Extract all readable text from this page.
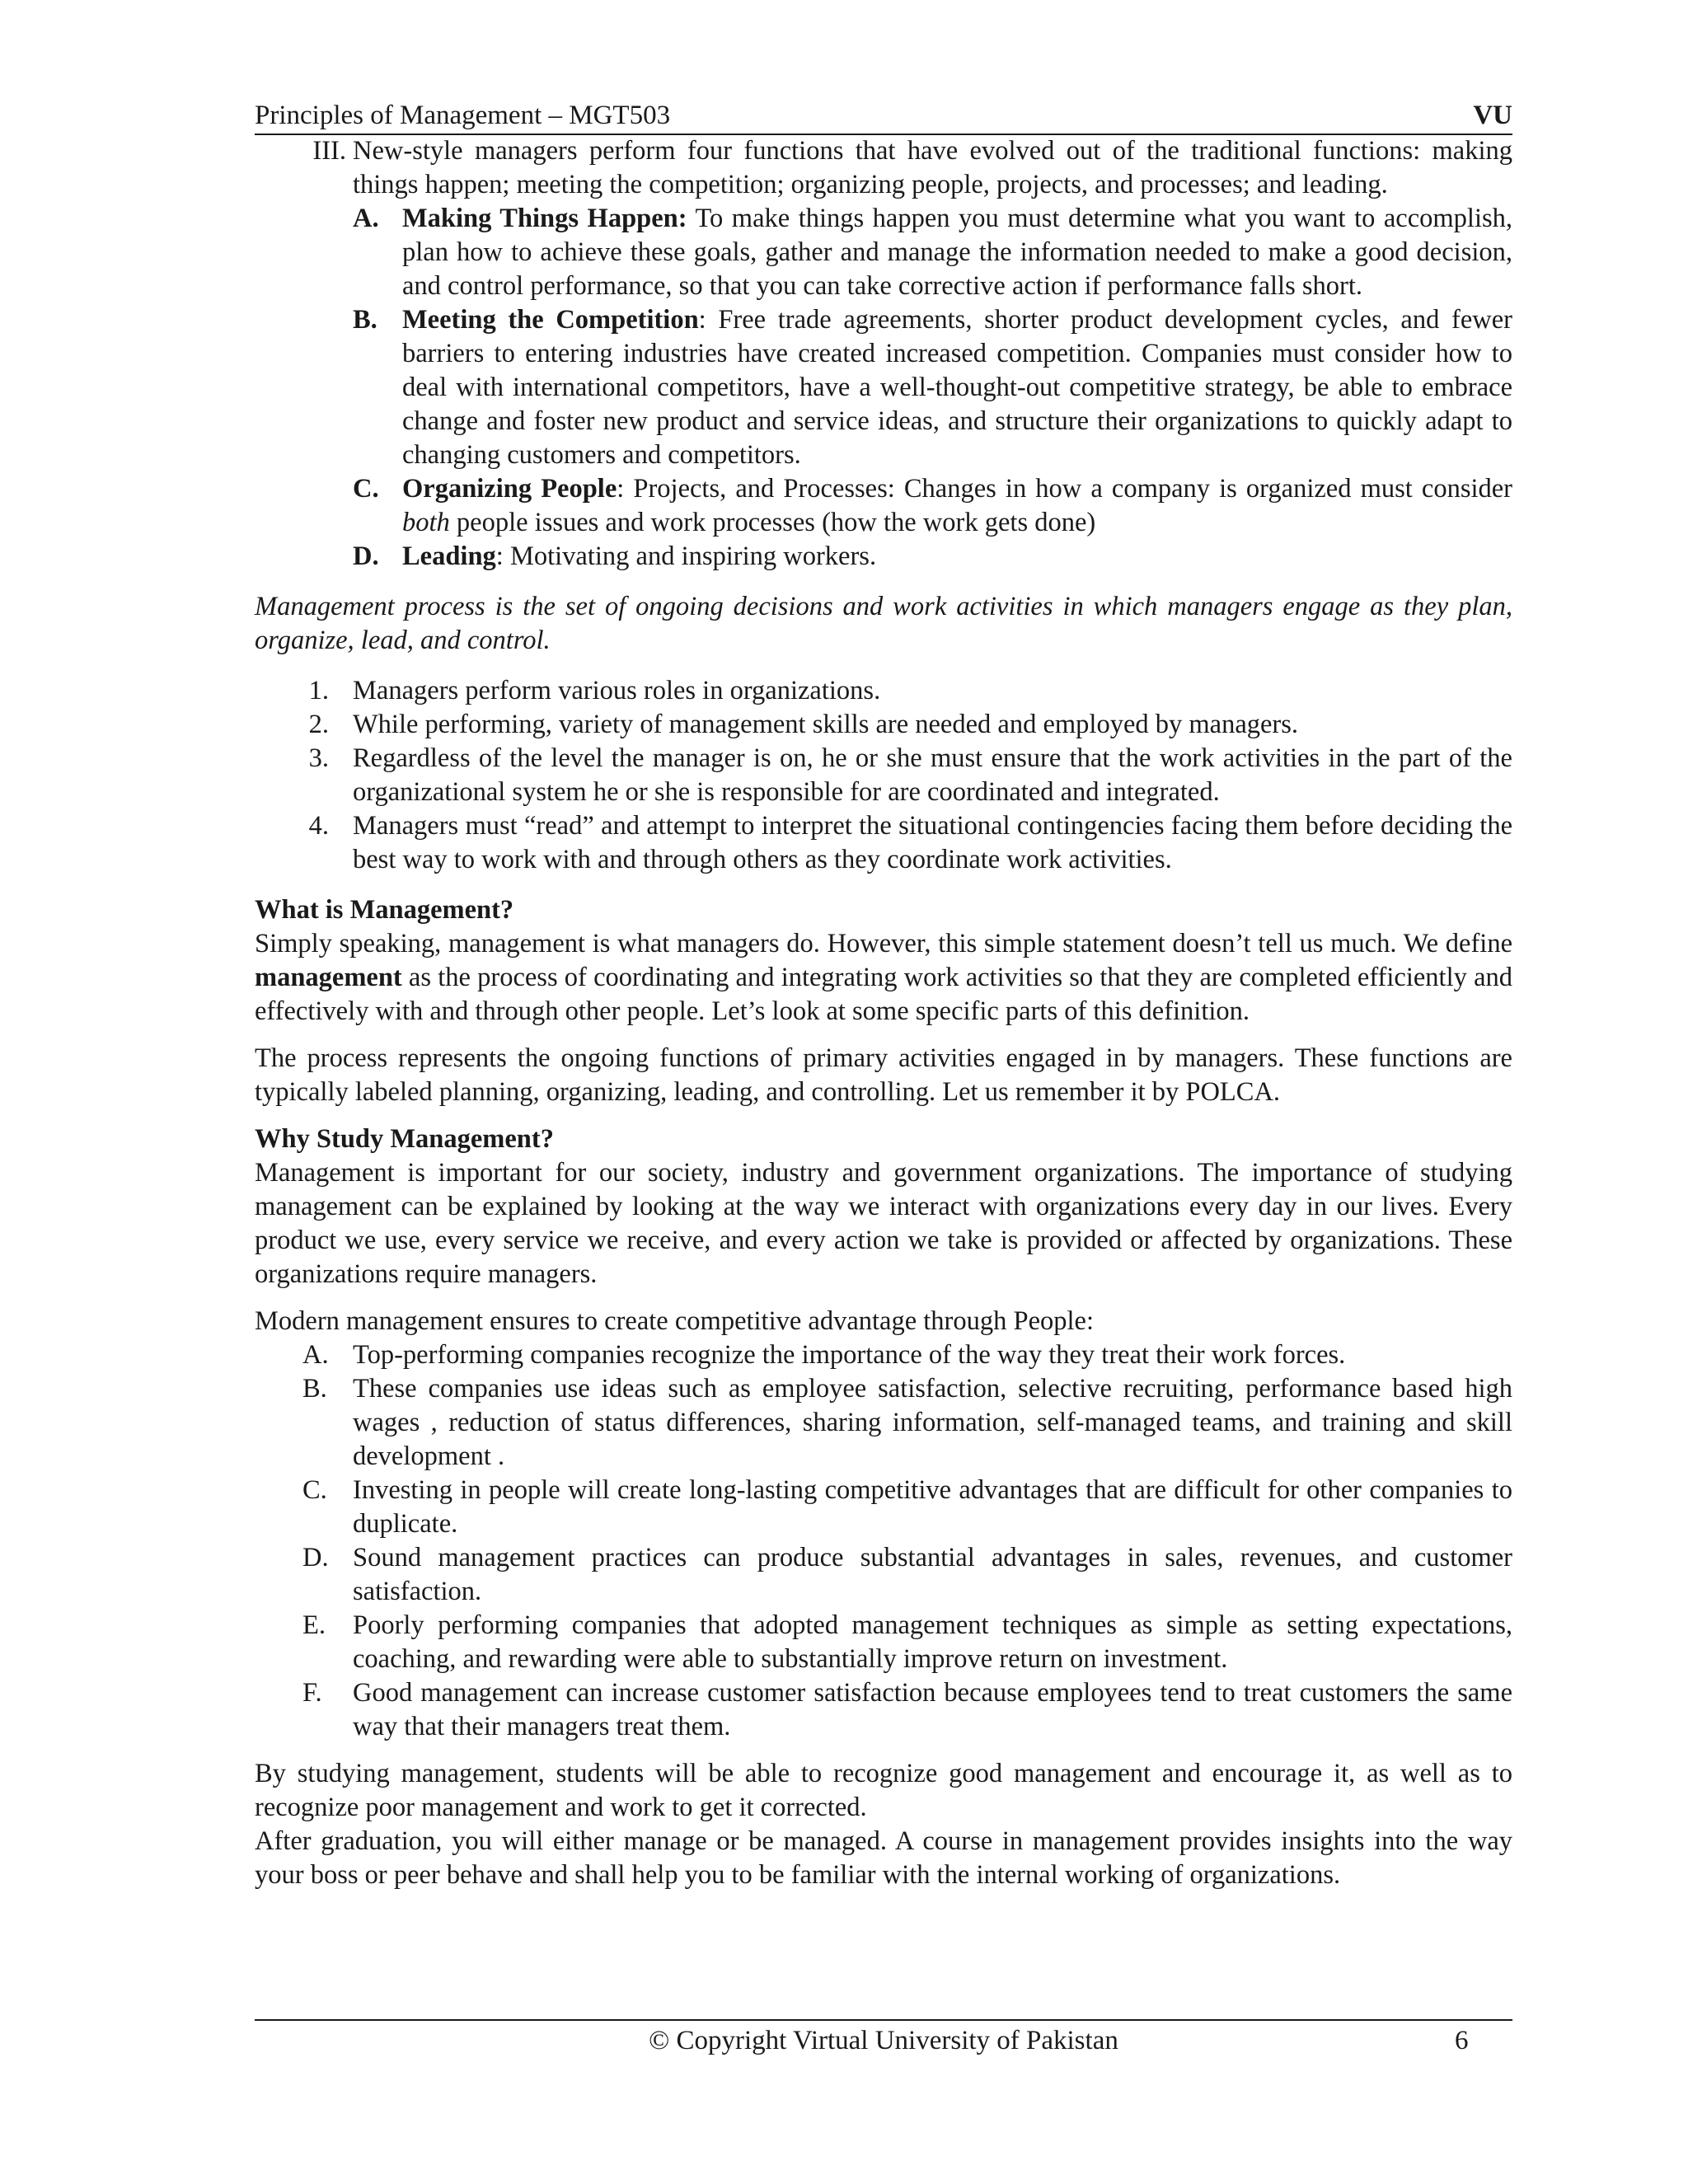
Principles of Management – MGT503	VU
III. New-style managers perform four functions that have evolved out of the traditional functions: making things happen; meeting the competition; organizing people, projects, and processes; and leading.
A. Making Things Happen: To make things happen you must determine what you want to accomplish, plan how to achieve these goals, gather and manage the information needed to make a good decision, and control performance, so that you can take corrective action if performance falls short.
B. Meeting the Competition: Free trade agreements, shorter product development cycles, and fewer barriers to entering industries have created increased competition. Companies must consider how to deal with international competitors, have a well-thought-out competitive strategy, be able to embrace change and foster new product and service ideas, and structure their organizations to quickly adapt to changing customers and competitors.
C. Organizing People: Projects, and Processes: Changes in how a company is organized must consider both people issues and work processes (how the work gets done)
D. Leading: Motivating and inspiring workers.

Management process is the set of ongoing decisions and work activities in which managers engage as they plan, organize, lead, and control.

1. Managers perform various roles in organizations.
2. While performing, variety of management skills are needed and employed by managers.
3. Regardless of the level the manager is on, he or she must ensure that the work activities in the part of the organizational system he or she is responsible for are coordinated and integrated.
4. Managers must “read” and attempt to interpret the situational contingencies facing them before deciding the best way to work with and through others as they coordinate work activities.
What is Management?
Simply speaking, management is what managers do. However, this simple statement doesn’t tell us much. We define management as the process of coordinating and integrating work activities so that they are completed efficiently and effectively with and through other people. Let’s look at some specific parts of this definition.
The process represents the ongoing functions of primary activities engaged in by managers. These functions are typically labeled planning, organizing, leading, and controlling. Let us remember it by POLCA.
Why Study Management?
Management is important for our society, industry and government organizations. The importance of studying management can be explained by looking at the way we interact with organizations every day in our lives. Every product we use, every service we receive, and every action we take is provided or affected by organizations. These organizations require managers.
Modern management ensures to create competitive advantage through People:
A. Top-performing companies recognize the importance of the way they treat their work forces.
B. These companies use ideas such as employee satisfaction, selective recruiting, performance based high wages , reduction of status differences, sharing information, self-managed teams, and training and skill development .
C. Investing in people will create long-lasting competitive advantages that are difficult for other companies to duplicate.
D. Sound management practices can produce substantial advantages in sales, revenues, and customer satisfaction.
E. Poorly performing companies that adopted management techniques as simple as setting expectations, coaching, and rewarding were able to substantially improve return on investment.
F. Good management can increase customer satisfaction because employees tend to treat customers the same way that their managers treat them.
By studying management, students will be able to recognize good management and encourage it, as well as to recognize poor management and work to get it corrected.
After graduation, you will either manage or be managed. A course in management provides insights into the way your boss or peer behave and shall help you to be familiar with the internal working of organizations.
© Copyright Virtual University of Pakistan	6
